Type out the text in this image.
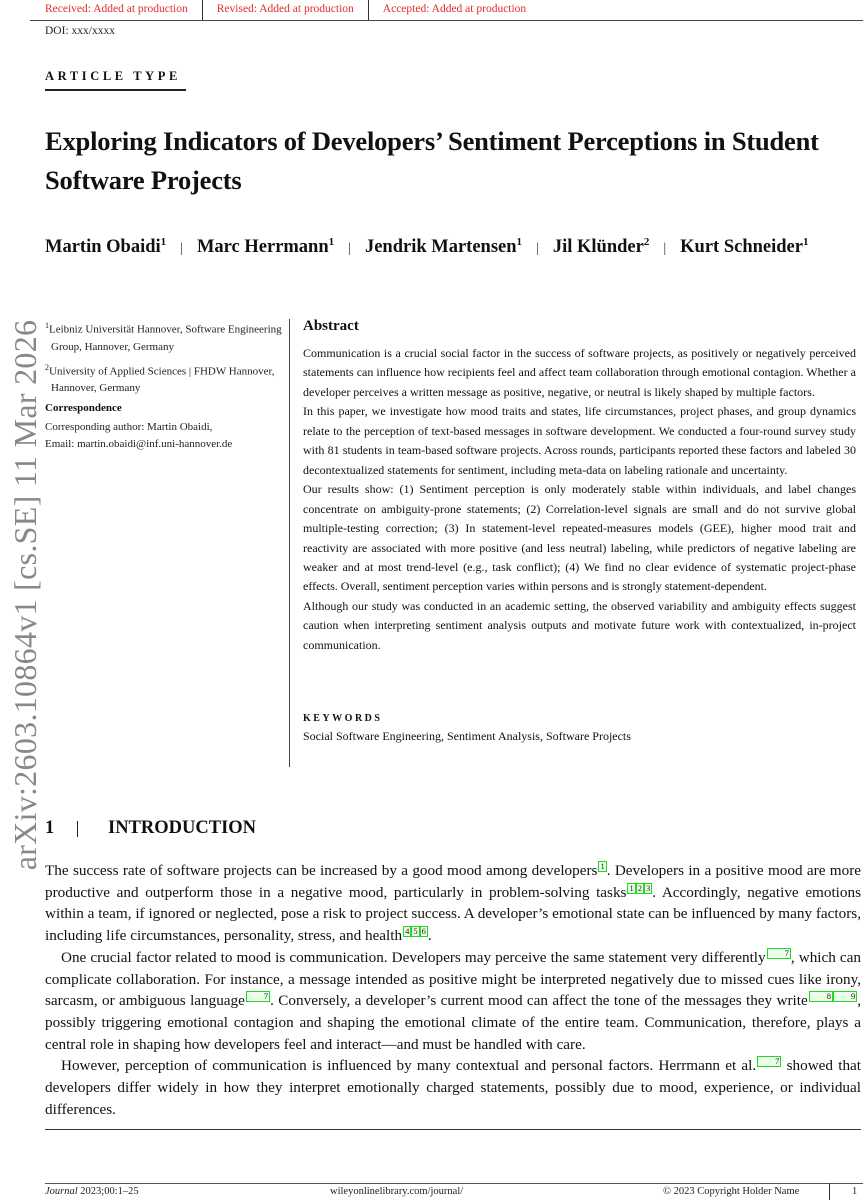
Received: Added at production	Revised: Added at production	Accepted: Added at production
DOI: xxx/xxxx
ARTICLE TYPE
Exploring Indicators of Developers’ Sentiment Perceptions in Student Software Projects
Martin Obaidi$^1$ | Marc Herrmann$^1$ | Jendrik Martensen$^1$ | Jil Klünder$^2$ | Kurt Schneider$^1$
$^1$Leibniz Universität Hannover, Software Engineering Group, Hannover, Germany
$^2$University of Applied Sciences | FHDW Hannover, Hannover, Germany
Correspondence
Corresponding author: Martin Obaidi,
Email: martin.obaidi@inf.uni-hannover.de
Abstract

Communication is a crucial social factor in the success of software projects, as positively or negatively perceived statements can influence how recipients feel and affect team collaboration through emotional contagion. Whether a developer perceives a written message as positive, negative, or neutral is likely shaped by multiple factors.

In this paper, we investigate how mood traits and states, life circumstances, project phases, and group dynamics relate to the perception of text-based messages in software development. We conducted a four-round survey study with 81 students in team-based software projects. Across rounds, participants reported these factors and labeled 30 decontextualized statements for sentiment, including meta-data on labeling rationale and uncertainty.

Our results show: (1) Sentiment perception is only moderately stable within individuals, and label changes concentrate on ambiguity-prone statements; (2) Correlation-level signals are small and do not survive global multiple-testing correction; (3) In statement-level repeated-measures models (GEE), higher mood trait and reactivity are associated with more positive (and less neutral) labeling, while predictors of negative labeling are weaker and at most trend-level (e.g., task conflict); (4) We find no clear evidence of systematic project-phase effects. Overall, sentiment perception varies within persons and is strongly statement-dependent.

Although our study was conducted in an academic setting, the observed variability and ambiguity effects suggest caution when interpreting sentiment analysis outputs and motivate future work with contextualized, in-project communication.

KEYWORDS
Social Software Engineering, Sentiment Analysis, Software Projects
1	INTRODUCTION

The success rate of software projects can be increased by a good mood among developers 1 . Developers in a positive mood are more productive and outperform those in a negative mood, particularly in problem-solving tasks 1 2 3 . Accordingly, negative emotions within a team, if ignored or neglected, pose a risk to project success. A developer’s emotional state can be influenced by many factors, including life circumstances, personality, stress, and health 4 5 6 .

One crucial factor related to mood is communication. Developers may perceive the same statement very differently 7 , which can complicate collaboration. For instance, a message intended as positive might be interpreted negatively due to missed cues like irony, sarcasm, or ambiguous language 7 . Conversely, a developer’s current mood can affect the tone of the messages they write 8 9 , possibly triggering emotional contagion and shaping the emotional climate of the entire team. Communication, therefore, plays a central role in shaping how developers feel and interact—and must be handled with care.

However, perception of communication is influenced by many contextual and personal factors. Herrmann et al. 7 showed that developers differ widely in how they interpret emotionally charged statements, possibly due to mood, experience, or individual differences.

Journal 2023;00:1–25	wileyonlinelibrary.com/journal/	© 2023 Copyright Holder Name	1
arXiv:2603.10864v1 [cs.SE] 11 Mar 2026
